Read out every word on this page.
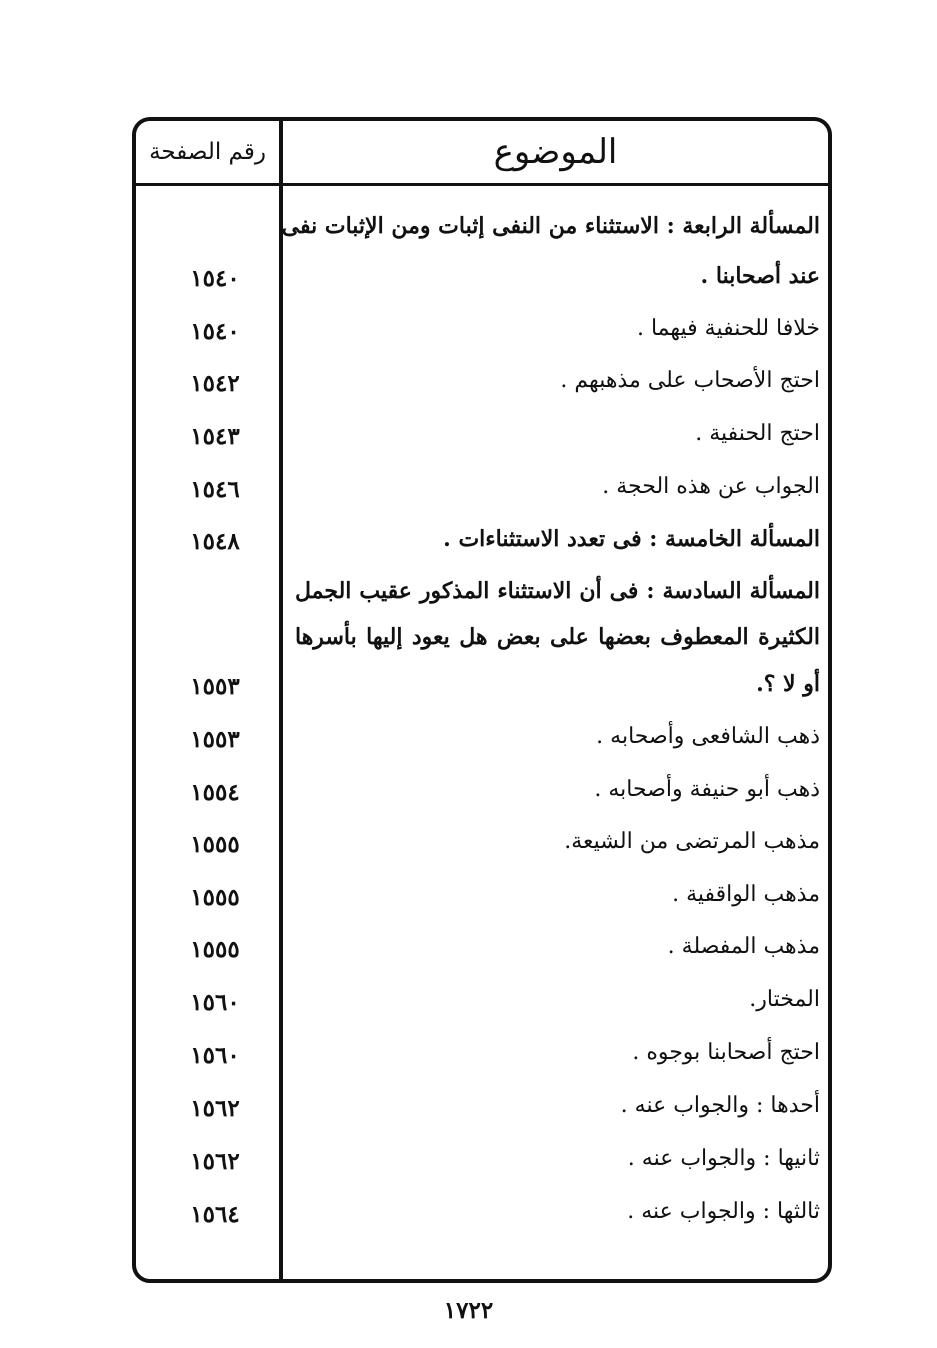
الموضوع
رقم الصفحة
المسألة الرابعة : الاستثناء من النفى إثبات ومن الإثبات نفى
عند أصحابنا .
١٥٤٠
خلافا للحنفية فيهما .
١٥٤٠
احتج الأصحاب على مذهبهم .
١٥٤٢
احتج الحنفية .
١٥٤٣
الجواب عن هذه الحجة .
١٥٤٦
المسألة الخامسة : فى تعدد الاستثناءات .
١٥٤٨
المسألة السادسة : فى أن الاستثناء المذكور عقيب الجمل
الكثيرة المعطوف بعضها على بعض هل يعود إليها بأسرها
أو لا ؟.
١٥٥٣
ذهب الشافعى وأصحابه .
١٥٥٣
ذهب أبو حنيفة وأصحابه .
١٥٥٤
مذهب المرتضى من الشيعة.
١٥٥٥
مذهب الواقفية .
١٥٥٥
مذهب المفصلة .
١٥٥٥
المختار.
١٥٦٠
احتج أصحابنا بوجوه .
١٥٦٠
أحدها : والجواب عنه .
١٥٦٢
ثانيها : والجواب عنه .
١٥٦٢
ثالثها : والجواب عنه .
١٥٦٤
١٧٢٢
